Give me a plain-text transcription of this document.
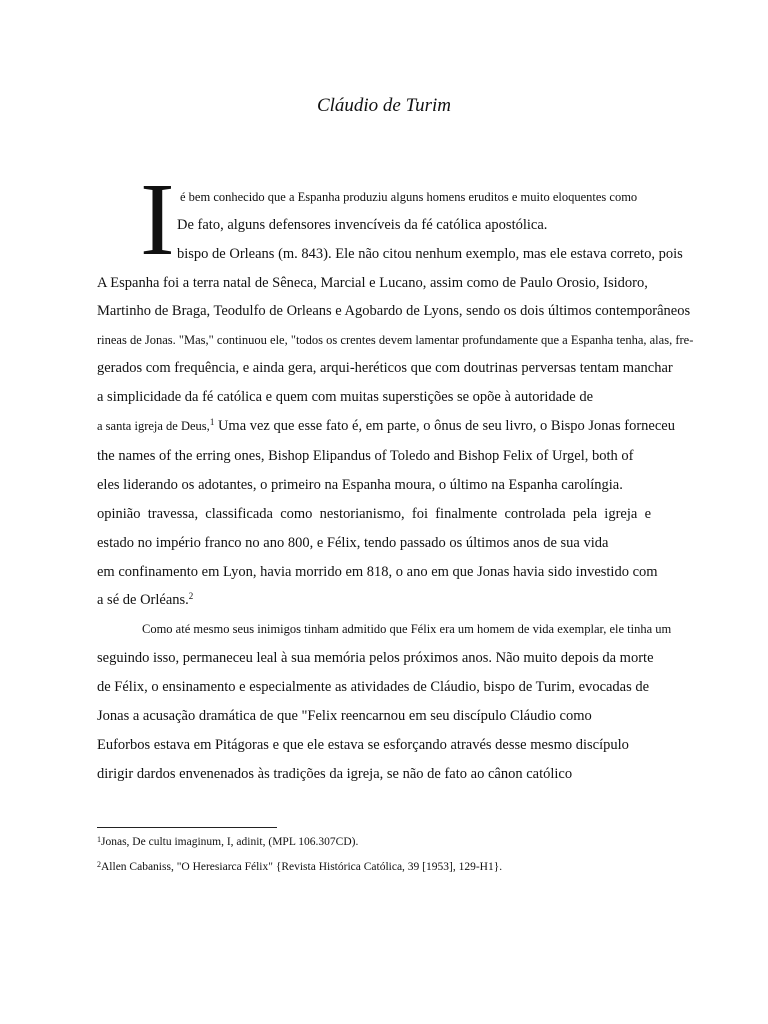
Cláudio de Turim
I é bem conhecido que a Espanha produziu alguns homens eruditos e muito eloquentes como
De fato, alguns defensores invencíveis da fé católica apostólica.
bispo de Orleans (m. 843). Ele não citou nenhum exemplo, mas ele estava correto, pois
A Espanha foi a terra natal de Sêneca, Marcial e Lucano, assim como de Paulo Orosio, Isidoro,
Martinho de Braga, Teodulfo de Orleans e Agobardo de Lyons, sendo os dois últimos contemporâneos
rineas de Jonas. "Mas," continuou ele, "todos os crentes devem lamentar profundamente que a Espanha tenha, alas, fre-
gerados com frequência, e ainda gera, arqui-heréticos que com doutrinas perversas tentam manchar
a simplicidade da fé católica e quem com muitas superstições se opõe à autoridade de
a santa igreja de Deus,$^1$ Uma vez que esse fato é, em parte, o ônus de seu livro, o Bispo Jonas forneceu
the names of the erring ones, Bishop Elipandus of Toledo and Bishop Felix of Urgel, both of
eles liderando os adotantes, o primeiro na Espanha moura, o último na Espanha carolíngia.
opinião travessa, classificada como nestorianismo, foi finalmente controlada pela igreja e
estado no império franco no ano 800, e Félix, tendo passado os últimos anos de sua vida
em confinamento em Lyon, havia morrido em 818, o ano em que Jonas havia sido investido com
a sé de Orléans.$^2$
Como até mesmo seus inimigos tinham admitido que Félix era um homem de vida exemplar, ele tinha um
seguindo isso, permaneceu leal à sua memória pelos próximos anos. Não muito depois da morte
de Félix, o ensinamento e especialmente as atividades de Cláudio, bispo de Turim, evocadas de
Jonas a acusação dramática de que "Felix reencarnou em seu discípulo Cláudio como
Euforbos estava em Pitágoras e que ele estava se esforçando através desse mesmo discípulo
dirigir dardos envenenados às tradições da igreja, se não de fato ao cânon católico
$^1$Jonas, De cultu imaginum, I, adinit, (MPL 106.307CD).
$^2$Allen Cabaniss, "O Heresiarca Félix" {Revista Histórica Católica, 39 [1953], 129-H1}.
